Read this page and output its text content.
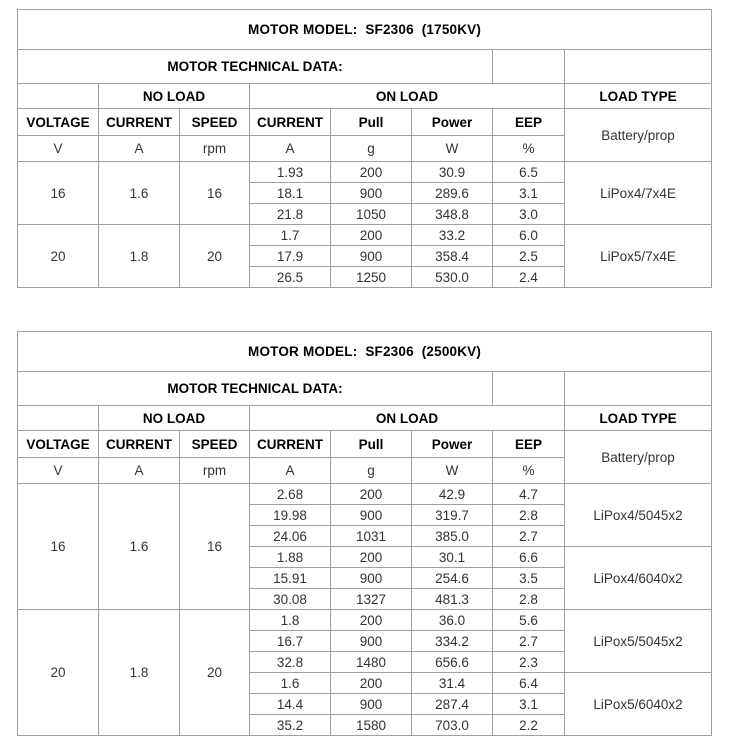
MOTOR MODEL: SF2306 (1750KV)							
MOTOR TECHNICAL DATA:							
	NO LOAD		ON LOAD				LOAD TYPE
VOLTAGE	CURRENT	SPEED	CURRENT	Pull	Power	EEP	Battery/prop
V	A	rpm	A	g	W	%	
16	1.6	16	1.93	200	30.9	6.5	LiPox4/7x4E
			18.1	900	289.6	3.1	
			21.8	1050	348.8	3.0	
20	1.8	20	1.7	200	33.2	6.0	LiPox5/7x4E
			17.9	900	358.4	2.5	
			26.5	1250	530.0	2.4	
MOTOR MODEL: SF2306 (2500KV)							
MOTOR TECHNICAL DATA:							
	NO LOAD		ON LOAD				LOAD TYPE
VOLTAGE	CURRENT	SPEED	CURRENT	Pull	Power	EEP	Battery/prop
V	A	rpm	A	g	W	%	
16	1.6	16	2.68	200	42.9	4.7	LiPox4/5045x2
			19.98	900	319.7	2.8	
			24.06	1031	385.0	2.7	
			1.88	200	30.1	6.6	LiPox4/6040x2
			15.91	900	254.6	3.5	
			30.08	1327	481.3	2.8	
20	1.8	20	1.8	200	36.0	5.6	LiPox5/5045x2
			16.7	900	334.2	2.7	
			32.8	1480	656.6	2.3	
			1.6	200	31.4	6.4	LiPox5/6040x2
			14.4	900	287.4	3.1	
			35.2	1580	703.0	2.2	
